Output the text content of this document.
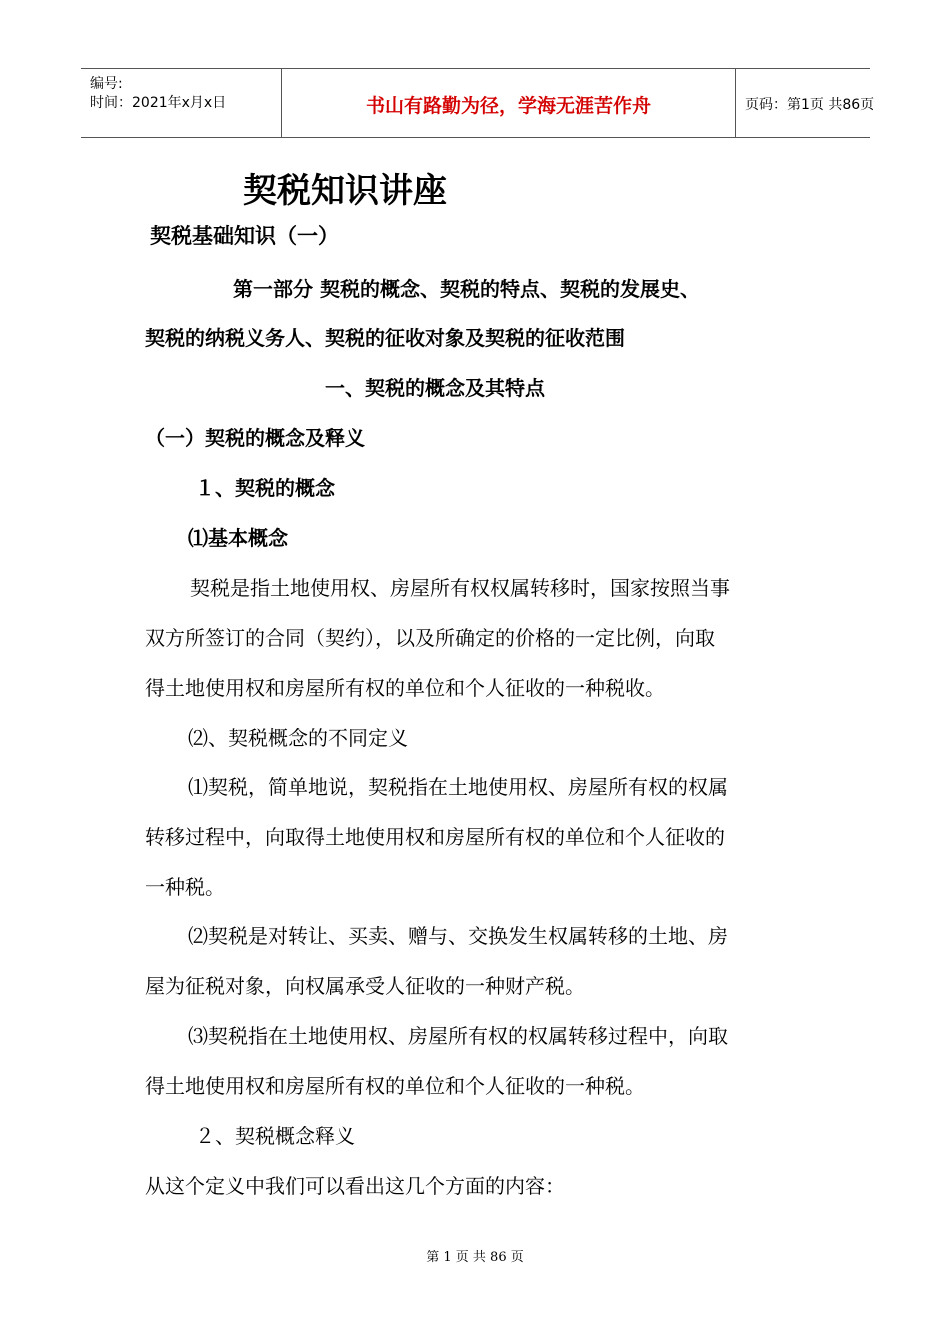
编号:
时间：2021年x月x日	书山有路勤为径，学海无涯苦作舟	页码：第1页 共86页
契税知识讲座
契税基础知识（一）
第一部分 契税的概念、契税的特点、契税的发展史、
契税的纳税义务人、契税的征收对象及契税的征收范围
一、契税的概念及其特点
（一）契税的概念及释义
１、契税的概念
⑴基本概念
契税是指土地使用权、房屋所有权权属转移时，国家按照当事
双方所签订的合同（契约），以及所确定的价格的一定比例，向取
得土地使用权和房屋所有权的单位和个人征收的一种税收。
⑵、契税概念的不同定义
⑴契税，简单地说，契税指在土地使用权、房屋所有权的权属
转移过程中，向取得土地使用权和房屋所有权的单位和个人征收的
一种税。
⑵契税是对转让、买卖、赠与、交换发生权属转移的土地、房
屋为征税对象，向权属承受人征收的一种财产税。
⑶契税指在土地使用权、房屋所有权的权属转移过程中，向取
得土地使用权和房屋所有权的单位和个人征收的一种税。
２、契税概念释义
从这个定义中我们可以看出这几个方面的内容：
第 1 页 共 86 页
